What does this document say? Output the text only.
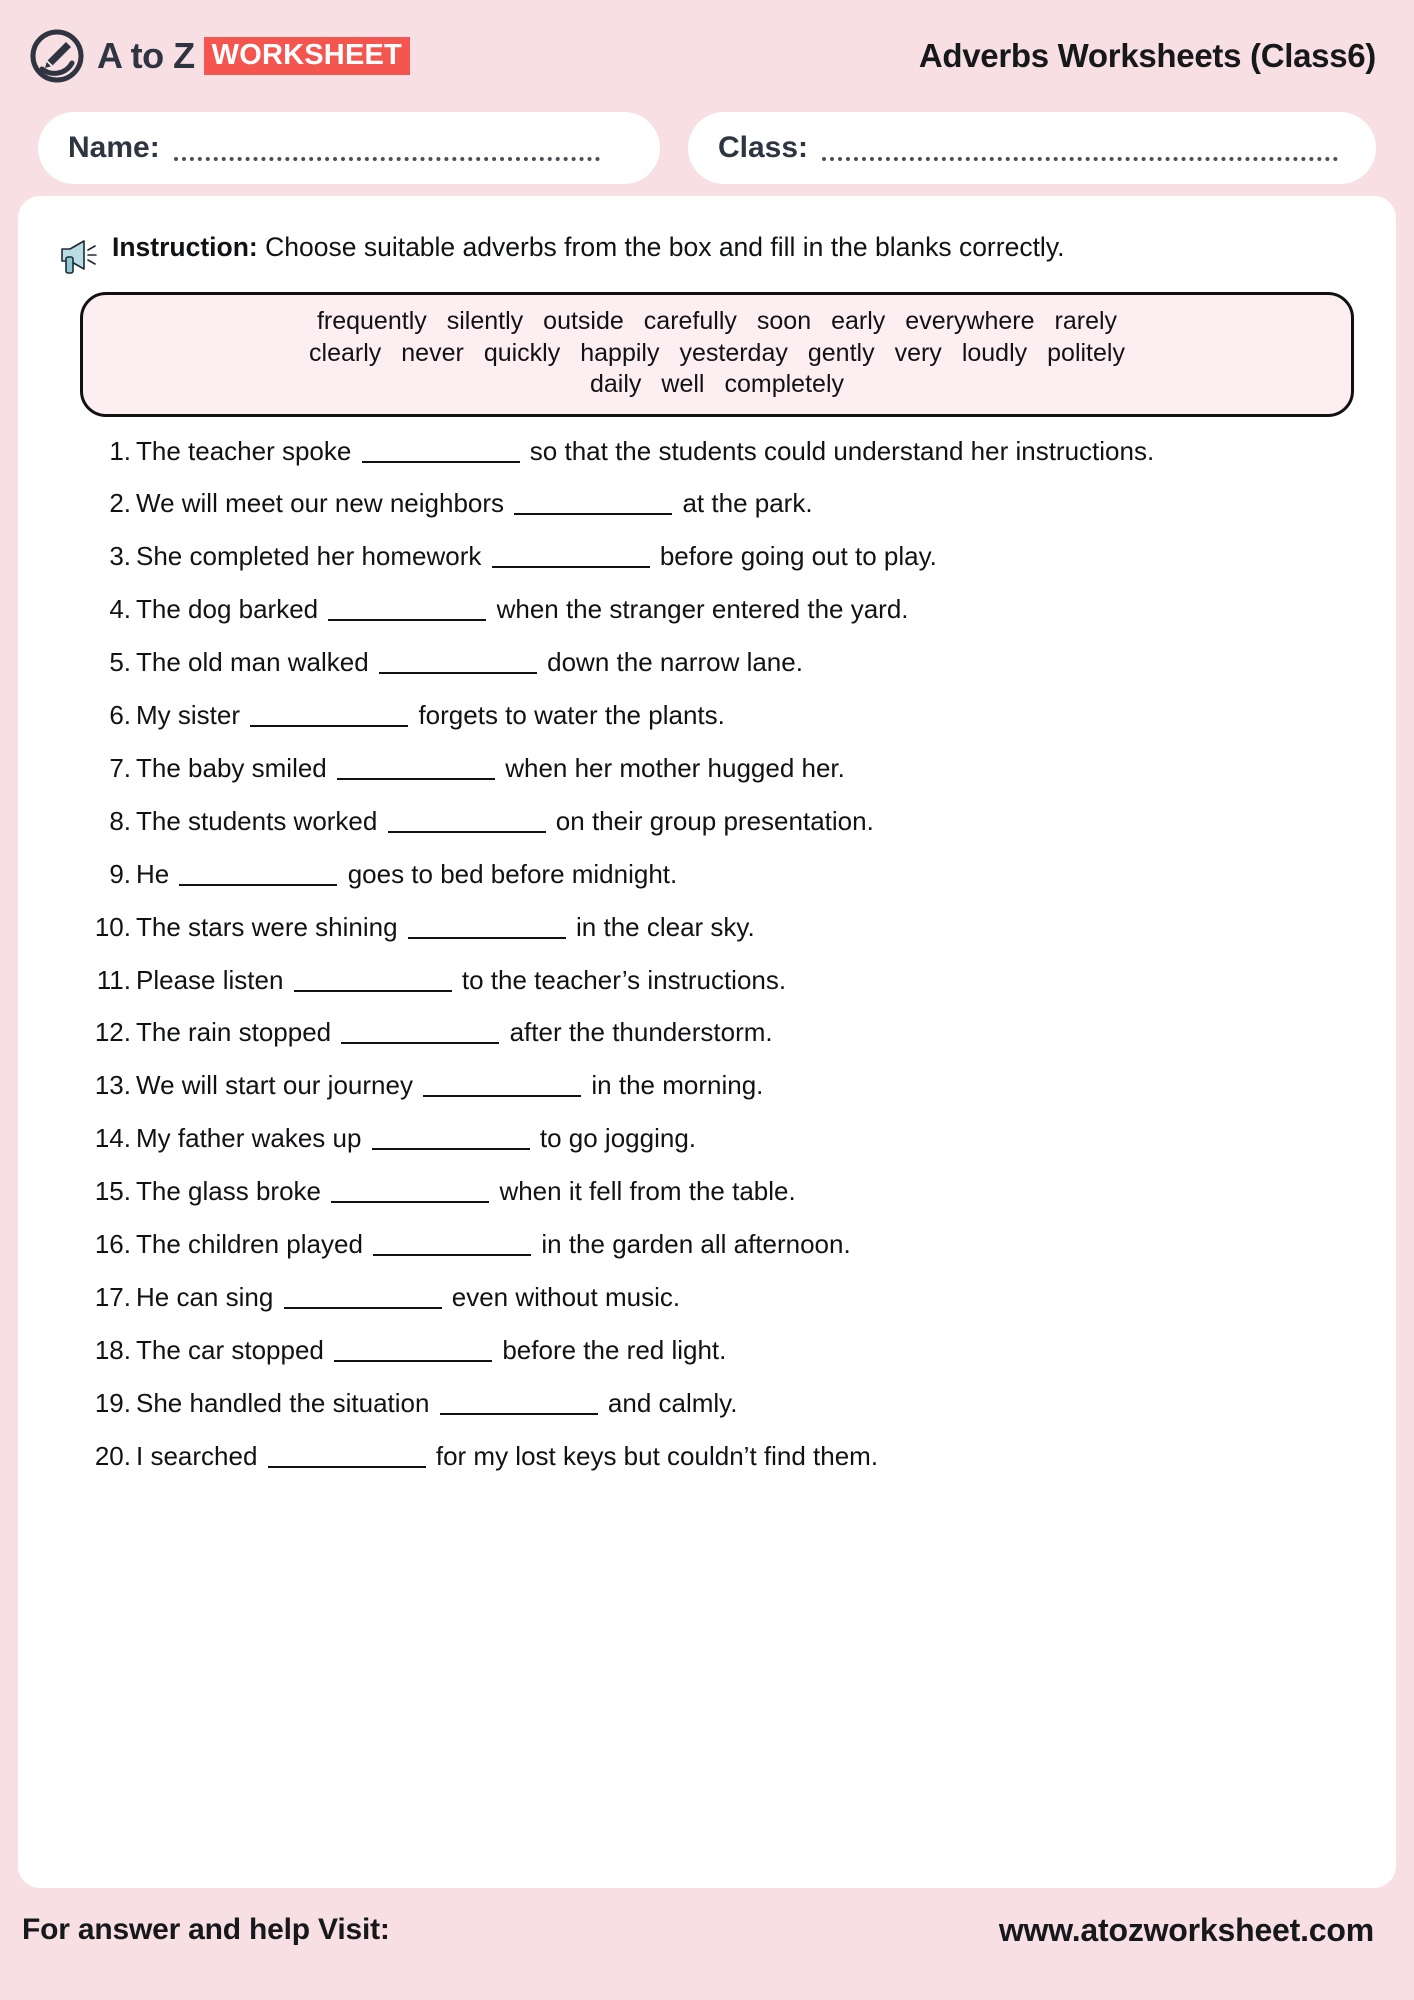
A to Z WORKSHEET	Adverbs Worksheets (Class6)
Name:	Class:
Instruction: Choose suitable adverbs from the box and fill in the blanks correctly.
frequently silently outside carefully soon early everywhere rarely
clearly never quickly happily yesterday gently very loudly politely
daily well completely
1. The teacher spoke	so that the students could understand her instructions.
2. We will meet our new neighbors	at the park.
3. She completed her homework	before going out to play.
4. The dog barked	when the stranger entered the yard.
5. The old man walked	down the narrow lane.
6. My sister	forgets to water the plants.
7. The baby smiled	when her mother hugged her.
8. The students worked	on their group presentation.
9. He	goes to bed before midnight.
10. The stars were shining	in the clear sky.
11. Please listen	to the teacher’s instructions.
12. The rain stopped	after the thunderstorm.
13. We will start our journey	in the morning.
14. My father wakes up	to go jogging.
15. The glass broke	when it fell from the table.
16. The children played	in the garden all afternoon.
17. He can sing	even without music.
18. The car stopped	before the red light.
19. She handled the situation	and calmly.
20. I searched	for my lost keys but couldn’t find them.
For answer and help Visit:	www.atozworksheet.com
